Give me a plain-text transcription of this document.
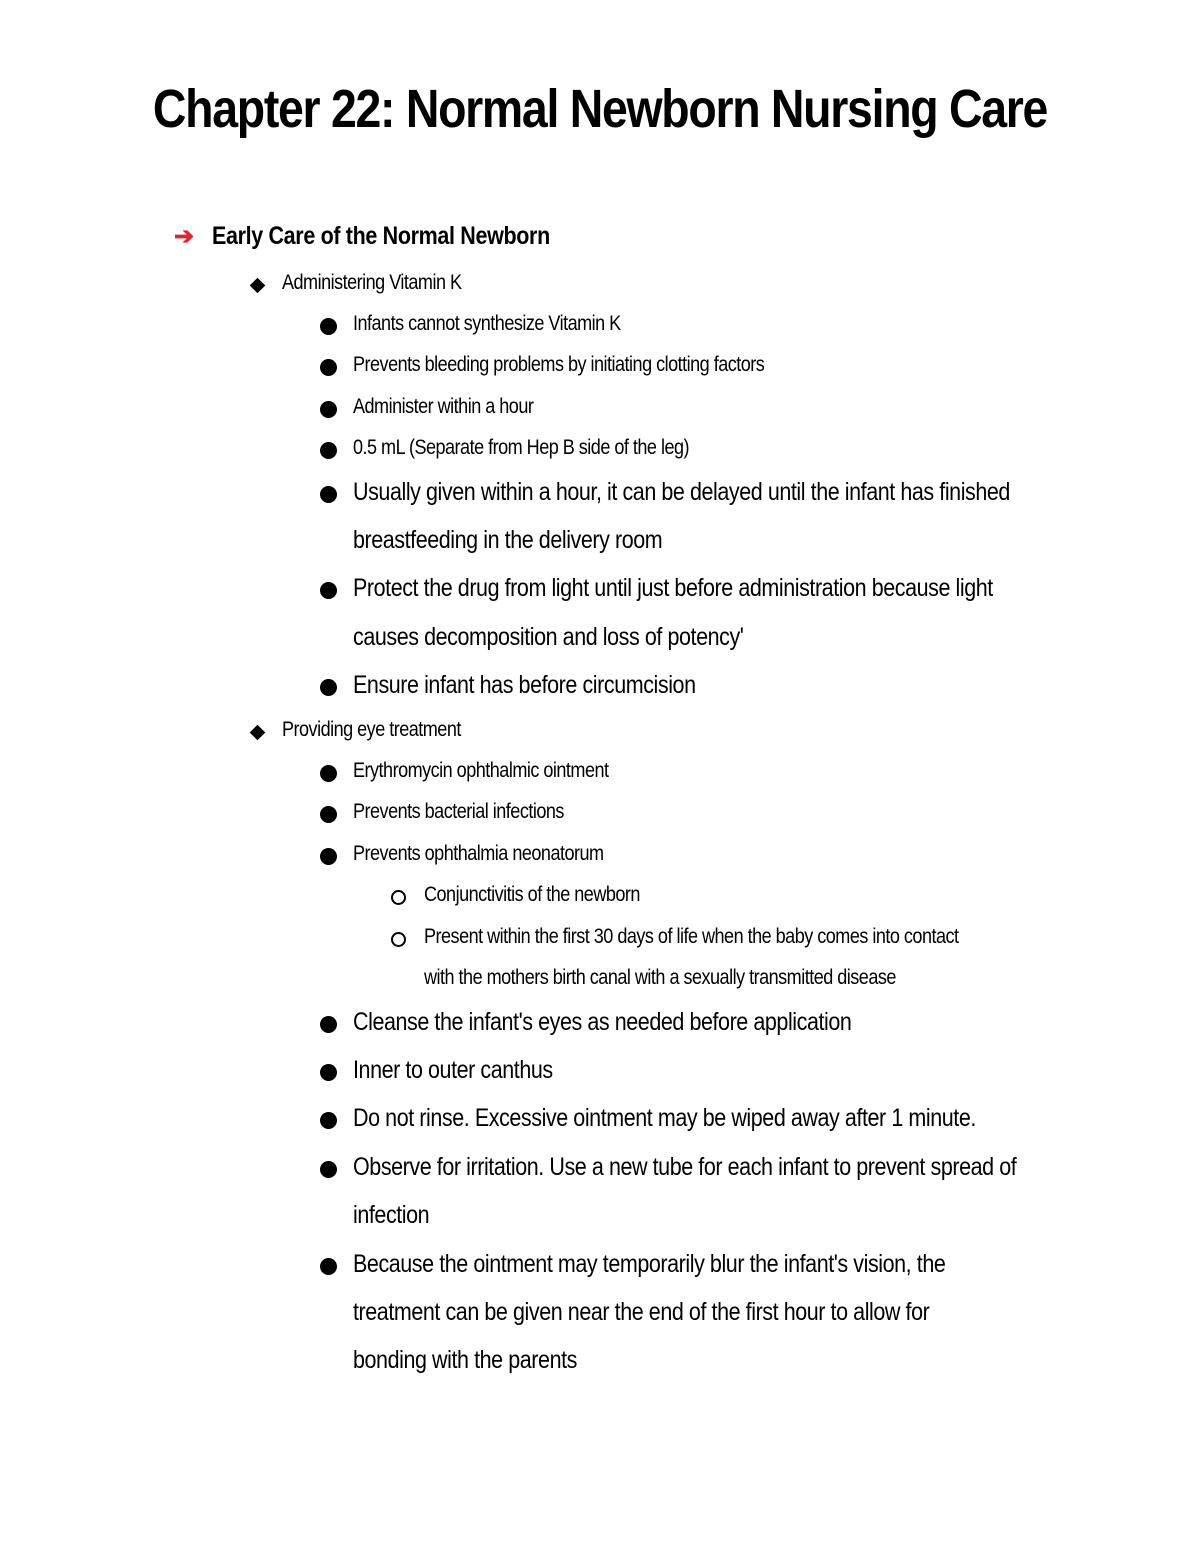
Chapter 22: Normal Newborn Nursing Care
➔ Early Care of the Normal Newborn
Administering Vitamin K
Infants cannot synthesize Vitamin K
Prevents bleeding problems by initiating clotting factors
Administer within a hour
0.5 mL (Separate from Hep B side of the leg)
Usually given within a hour, it can be delayed until the infant has finished
breastfeeding in the delivery room
Protect the drug from light until just before administration because light
causes decomposition and loss of potency'
Ensure infant has before circumcision
Providing eye treatment
Erythromycin ophthalmic ointment
Prevents bacterial infections
Prevents ophthalmia neonatorum
Conjunctivitis of the newborn
Present within the first 30 days of life when the baby comes into contact
with the mothers birth canal with a sexually transmitted disease
Cleanse the infant's eyes as needed before application
Inner to outer canthus
Do not rinse. Excessive ointment may be wiped away after 1 minute.
Observe for irritation. Use a new tube for each infant to prevent spread of
infection
Because the ointment may temporarily blur the infant's vision, the
treatment can be given near the end of the first hour to allow for
bonding with the parents
